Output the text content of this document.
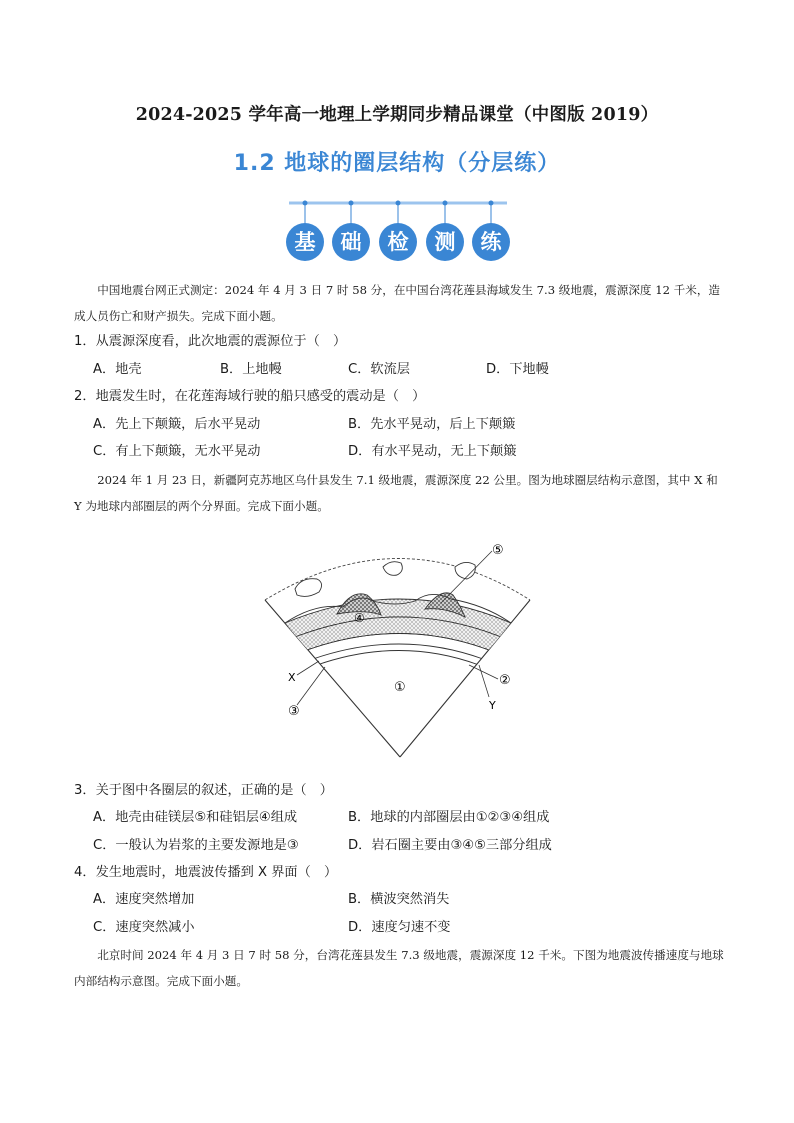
2024-2025 学年高一地理上学期同步精品课堂（中图版 2019）
1.2 地球的圈层结构（分层练）
基	础	检	测	练
中国地震台网正式测定：2024 年 4 月 3 日 7 时 58 分，在中国台湾花莲县海域发生 7.3 级地震，震源深度 12 千米，造成人员伤亡和财产损失。完成下面小题。
1．从震源深度看，此次地震的震源位于（　）
A．地壳	B．上地幔	C．软流层	D．下地幔
2．地震发生时，在花莲海域行驶的船只感受的震动是（　）
A．先上下颠簸，后水平晃动	B．先水平晃动，后上下颠簸
C．有上下颠簸，无水平晃动	D．有水平晃动，无上下颠簸
2024 年 1 月 23 日，新疆阿克苏地区乌什县发生 7.1 级地震，震源深度 22 公里。图为地球圈层结构示意图，其中 X 和 Y 为地球内部圈层的两个分界面。完成下面小题。
⑤
④
①	②
X
③	Y
3．关于图中各圈层的叙述，正确的是（　）
A．地壳由硅镁层⑤和硅铝层④组成	B．地球的内部圈层由①②③④组成
C．一般认为岩浆的主要发源地是③	D．岩石圈主要由③④⑤三部分组成
4．发生地震时，地震波传播到 X 界面（　）
A．速度突然增加	B．横波突然消失
C．速度突然减小	D．速度匀速不变
北京时间 2024 年 4 月 3 日 7 时 58 分，台湾花莲县发生 7.3 级地震，震源深度 12 千米。下图为地震波传播速度与地球内部结构示意图。完成下面小题。
